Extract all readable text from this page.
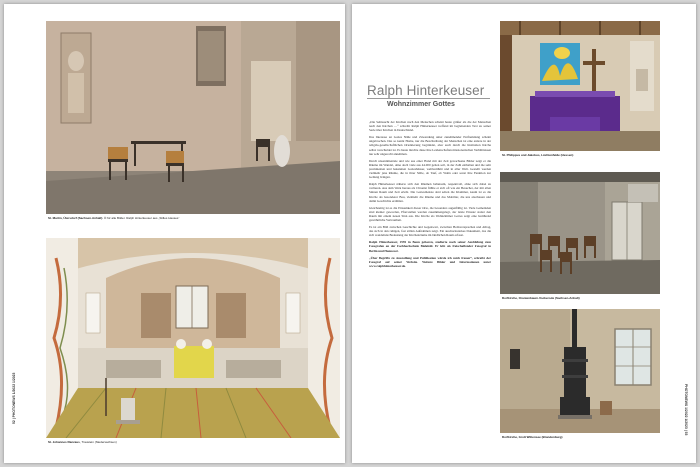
St. Martin, Ütersdorf (Sachsen-Anhalt). Ö für alle Bilder. Ralph Hinterkeuser aus „Stilles Hauses“
St. Johannes Ranzaus, Traustein (Niedersachsen)
52 | PHOTONEWS 1/2022 1/2023
Ralph Hinterkeuser
Wohnzimmer Gottes

„Die Sehnsucht der Kirchen nach den Menschen scheint heute größer als die der Menschen nach den Kirchen …“ schreibt Ralph Hinterkeuser treffend im begleitenden Text zu seiner Serie über Kirchen in Deutschland.

Das Interesse an Gottes Nähe und Zuwendung unter zunehmender Entfremdung scheint ungebrochen. Das so kennt Home, nur die Beschreibung der Menschen ist eine andere in der religiös-gesellschaftlichen Orientierung begründet, aber auch durch die Institution Kirche selbst verschuldet ist. Es heute möchte diese ihre Leidenschaften missionarischen Verhältnissen nur sehr ungerecht annehmen.

Durch unsentimentale und wie aus einer Hand mit der Zeit gewachsene Bilder zeigt er die Räume im Wandel, ohne doch viele aus 44.000 gelten soll, in der Zahl enthalten und die sehr prominenten und bekannten Gotteshäuser, weltberühmt und in aller Welt. Gestellt werden vielmehr jene Räume, die in ihrer Stille, ob Tauf, ob Wohn oder sonst ihre Funktion zur Geltung bringen.

Ralph Hinterkeuser näherte sich den Räumen behutsam, respektvoll, ohne sich dabei zu verlieren. Aus dem Werk heraus als Chronist fühlte er sich oft wie ein Besucher, der mit allen Sinnen Raum und Zeit erlebt. Die Gottesdienste sind selten die Klammer, kaum ist es die Kirche als besonderer Bau, vielmehr die Räume und das Mobiliar, die uns anschauen und damit Geschichte erzählen.

Gleichzeitig ist es die Einsamkeit dieser Orte, die besonders augenfällig ist. Viele Gemeinden sind kleiner geworden, Pfarrstellen werden zusammengelegt, der letzte Einsatz stattet den Raum mit einem neuen Sinn aus. Die Kirche als Wohnzimmer Gottes zeigt eine berührend gewöhnliche Vertrautheit.

Es ist ein Bild zwischen Geschichte und Gegenwart, zwischen Heilsversprechen und Alltag, das sich in den ruhigen, fast stillen Aufnahmen zeigt. Ein ausdruckstarkes Dokument, das die sich wandelnde Bedeutung der Kirchenräume im ländlichen Raum erfasst.

Ralph Hinterkeuser, 1959 in Bonn geboren, studierte nach seiner Ausbildung zum Fotografen an der Fachhochschule Bielefeld. Er lebt als freischaffender Fotograf in Berlin und Hannover.

„Über Begriffe zu Ausstellung und Publikation würde ich mich freuen“, schreibt der Fotograf auf seiner Website. Weitere Bilder und Informationen unter www.ralphhinterkeuser.de.

St. Philippus und Jakobus, Lüchtenfelde (Hessen)
Dorfkirche, Oranienbaum-Vockerode (Sachsen-Anhalt)
Dorfkirche, Groß Wittensee (Brandenburg)
PHOTONEWS 1/2022 1/2023 | 53
